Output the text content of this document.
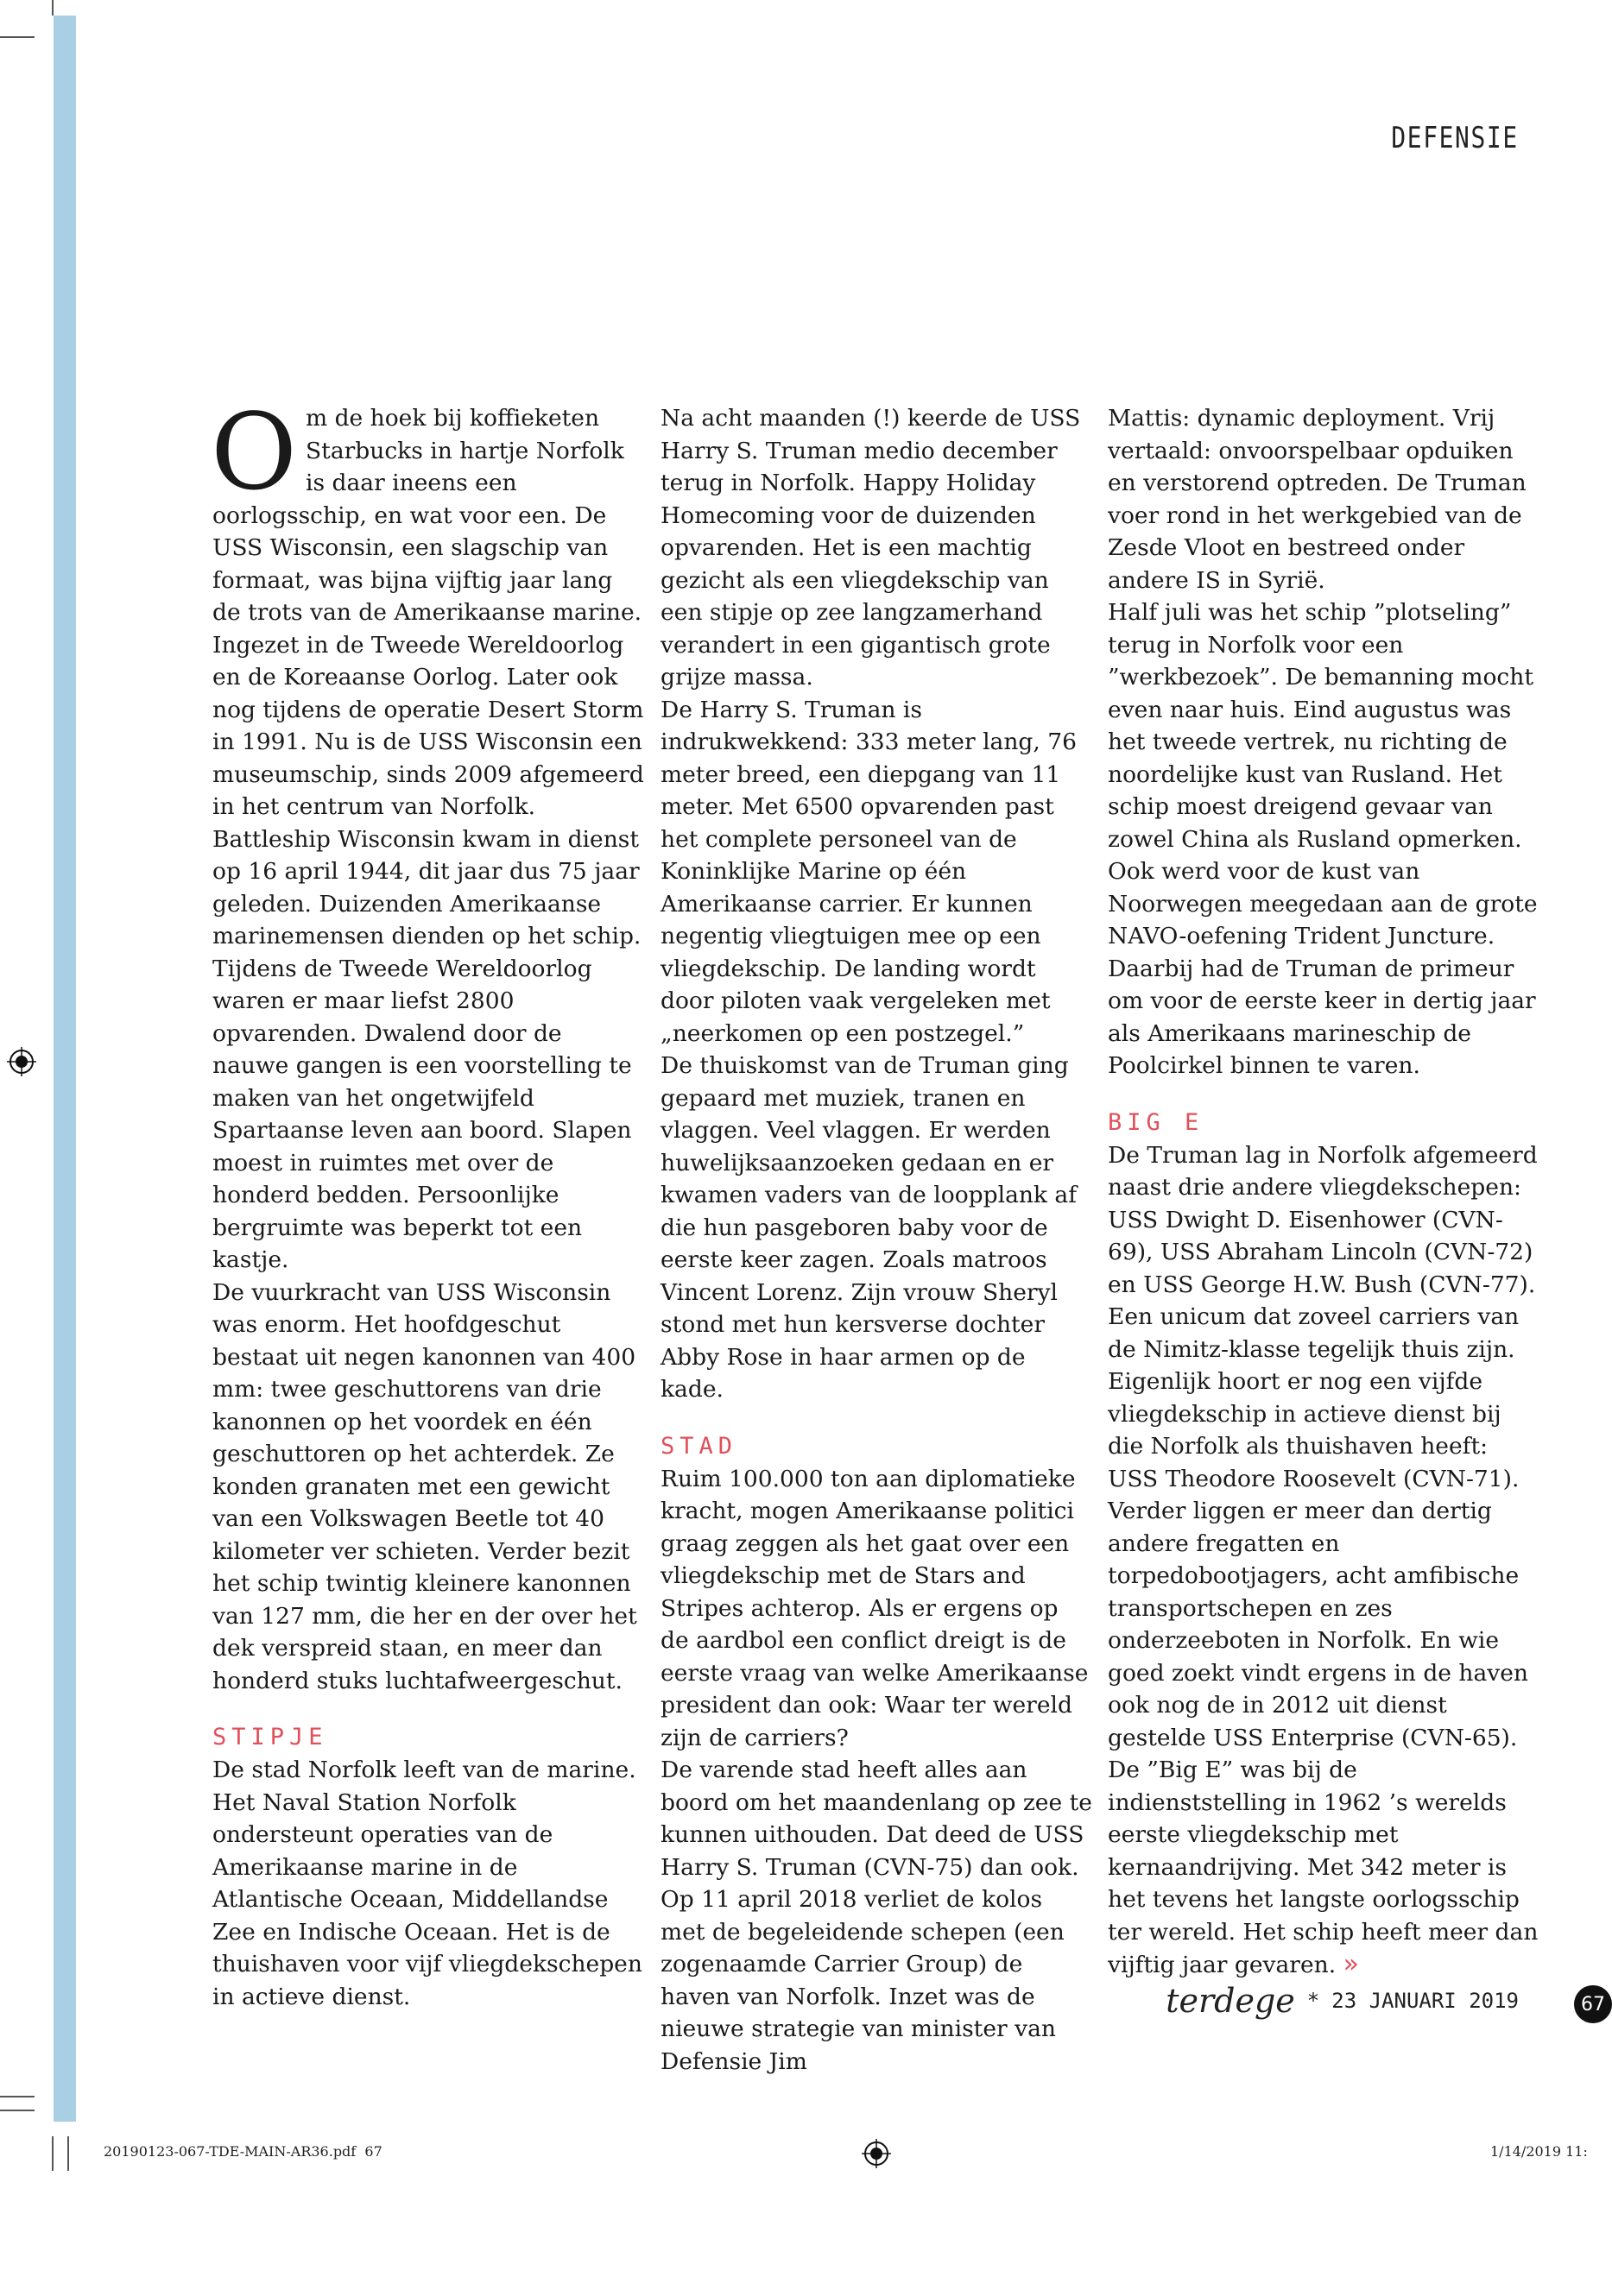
DEFENSIE

Om de hoek bij koffieketen Starbucks in hartje Norfolk is daar ineens een oorlogsschip, en wat voor een. De USS Wisconsin, een slagschip van formaat, was bijna vijftig jaar lang de trots van de Amerikaanse marine. Ingezet in de Tweede Wereldoorlog en de Koreaanse Oorlog. Later ook nog tijdens de operatie Desert Storm in 1991. Nu is de USS Wisconsin een museumschip, sinds 2009 afgemeerd in het centrum van Norfolk.

Battleship Wisconsin kwam in dienst op 16 april 1944, dit jaar dus 75 jaar geleden. Duizenden Amerikaanse marinemensen dienden op het schip. Tijdens de Tweede Wereldoorlog waren er maar liefst 2800 opvarenden. Dwalend door de nauwe gangen is een voorstelling te maken van het ongetwijfeld Spartaanse leven aan boord. Slapen moest in ruimtes met over de honderd bedden. Persoonlijke bergruimte was beperkt tot een kastje.

De vuurkracht van USS Wisconsin was enorm. Het hoofdgeschut bestaat uit negen kanonnen van 400 mm: twee geschuttorens van drie kanonnen op het voordek en één geschuttoren op het achterdek. Ze konden granaten met een gewicht van een Volkswagen Beetle tot 40 kilometer ver schieten. Verder bezit het schip twintig kleinere kanonnen van 127 mm, die her en der over het dek verspreid staan, en meer dan honderd stuks luchtafweergeschut.

STIPJE

De stad Norfolk leeft van de marine. Het Naval Station Norfolk ondersteunt operaties van de Amerikaanse marine in de Atlantische Oceaan, Middellandse Zee en Indische Oceaan. Het is de thuishaven voor vijf vliegdekschepen in actieve dienst.

Na acht maanden (!) keerde de USS Harry S. Truman medio december terug in Norfolk. Happy Holiday Homecoming voor de duizenden opvarenden. Het is een machtig gezicht als een vliegdekschip van een stipje op zee langzamerhand verandert in een gigantisch grote grijze massa.

De Harry S. Truman is indrukwekkend: 333 meter lang, 76 meter breed, een diepgang van 11 meter. Met 6500 opvarenden past het complete personeel van de Koninklijke Marine op één Amerikaanse carrier. Er kunnen negentig vliegtuigen mee op een vliegdekschip. De landing wordt door piloten vaak vergeleken met „neerkomen op een postzegel.”

De thuiskomst van de Truman ging gepaard met muziek, tranen en vlaggen. Veel vlaggen. Er werden huwelijksaanzoeken gedaan en er kwamen vaders van de loopplank af die hun pasgeboren baby voor de eerste keer zagen. Zoals matroos Vincent Lorenz. Zijn vrouw Sheryl stond met hun kersverse dochter Abby Rose in haar armen op de kade.

STAD

Ruim 100.000 ton aan diplomatieke kracht, mogen Amerikaanse politici graag zeggen als het gaat over een vliegdekschip met de Stars and Stripes achterop. Als er ergens op de aardbol een conflict dreigt is de eerste vraag van welke Amerikaanse president dan ook: Waar ter wereld zijn de carriers?

De varende stad heeft alles aan boord om het maandenlang op zee te kunnen uithouden. Dat deed de USS Harry S. Truman (CVN-75) dan ook. Op 11 april 2018 verliet de kolos met de begeleidende schepen (een zogenaamde Carrier Group) de haven van Norfolk. Inzet was de nieuwe strategie van minister van Defensie Jim

Mattis: dynamic deployment. Vrij vertaald: onvoorspelbaar opduiken en verstorend optreden. De Truman voer rond in het werkgebied van de Zesde Vloot en bestreed onder andere IS in Syrië.

Half juli was het schip ”plotseling” terug in Norfolk voor een ”werkbezoek”. De bemanning mocht even naar huis. Eind augustus was het tweede vertrek, nu richting de noordelijke kust van Rusland. Het schip moest dreigend gevaar van zowel China als Rusland opmerken. Ook werd voor de kust van Noorwegen meegedaan aan de grote NAVO-oefening Trident Juncture. Daarbij had de Truman de primeur om voor de eerste keer in dertig jaar als Amerikaans marineschip de Poolcirkel binnen te varen.

BIG E

De Truman lag in Norfolk afgemeerd naast drie andere vliegdekschepen: USS Dwight D. Eisenhower (CVN-69), USS Abraham Lincoln (CVN-72) en USS George H.W. Bush (CVN-77). Een unicum dat zoveel carriers van de Nimitz-klasse tegelijk thuis zijn. Eigenlijk hoort er nog een vijfde vliegdekschip in actieve dienst bij die Norfolk als thuishaven heeft: USS Theodore Roosevelt (CVN-71).

Verder liggen er meer dan dertig andere fregatten en torpedobootjagers, acht amfibische transportschepen en zes onderzeeboten in Norfolk. En wie goed zoekt vindt ergens in de haven ook nog de in 2012 uit dienst gestelde USS Enterprise (CVN-65). De ”Big E” was bij de indienststelling in 1962 ’s werelds eerste vliegdekschip met kernaandrijving. Met 342 meter is het tevens het langste oorlogsschip ter wereld. Het schip heeft meer dan vijftig jaar gevaren. »

terdege * 23 JANUARI 2019	67
20190123-067-TDE-MAIN-AR36.pdf 67	1/14/2019 11:
